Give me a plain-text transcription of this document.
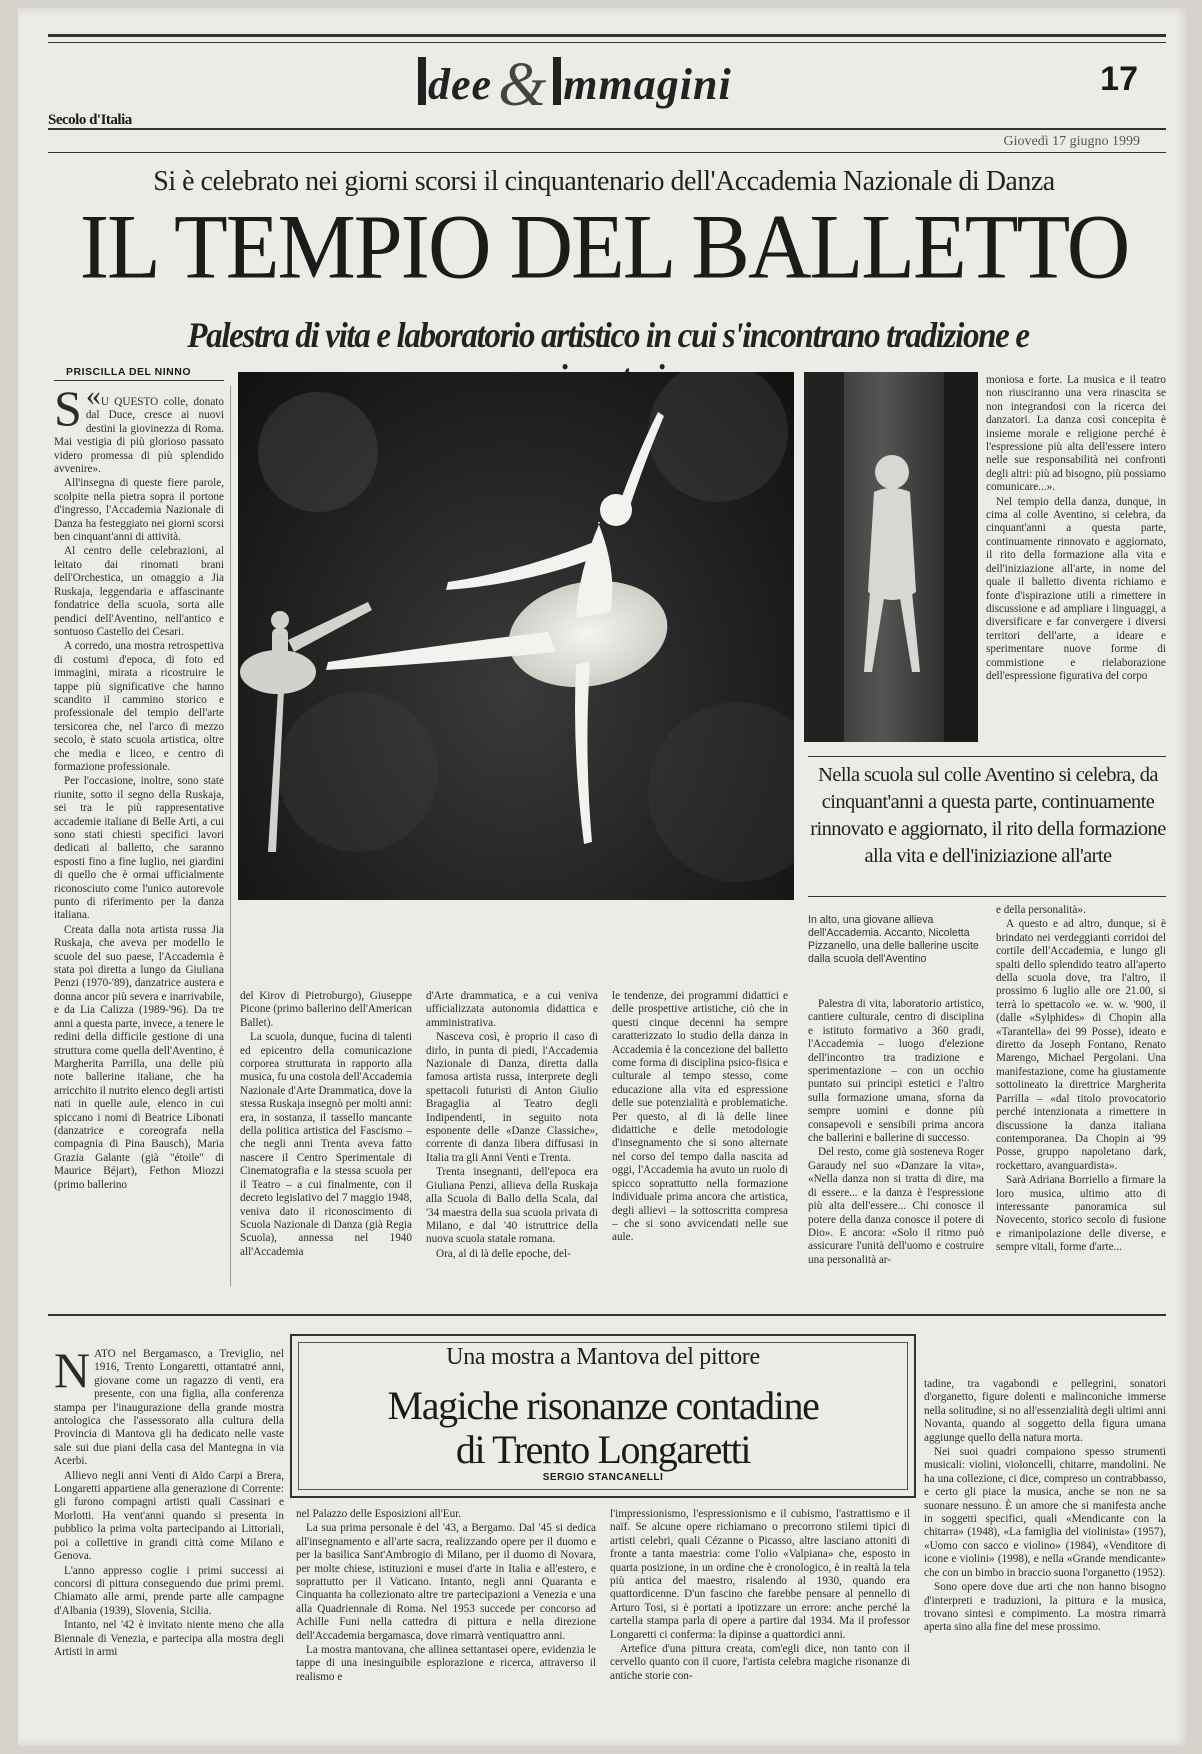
dee& mmagini	17
Secolo d'Italia
Giovedì 17 giugno 1999
Si è celebrato nei giorni scorsi il cinquantenario dell'Accademia Nazionale di Danza
IL TEMPIO DEL BALLETTO
Palestra di vita e laboratorio artistico in cui s'incontrano tradizione e
PRISCILLA DEL NINNO

«
S	U QUESTO colle, donato dal Duce, cresce ai nuovi destini la giovinezza di Roma. Mai vestigia di più glorioso passato videro promessa di più splendido avvenire».

All'insegna di queste fiere parole, scolpite nella pietra sopra il portone d'ingresso, l'Accademia Nazionale di Danza ha festeggiato nei giorni scorsi ben cinquant'anni di attività.

Al centro delle celebrazioni, al leitato dai rinomati brani dell'Orchestica, un omaggio a Jia Ruskaja, leggendaria e affascinante fondatrice della scuola, sorta alle pendici dell'Aventino, nell'antico e sontuoso Castello dei Cesari.

A corredo, una mostra retrospettiva di costumi d'epoca, di foto ed immagini, mirata a ricostruire le tappe più significative che hanno scandito il cammino storico e professionale del tempio dell'arte tersicorea che, nel l'arco di mezzo secolo, è stato scuola artistica, oltre che media e liceo, e centro di formazione professionale.

Per l'occasione, inoltre, sono state riunite, sotto il segno della Ruskaja, sei tra le più rappresentative accademie italiane di Belle Arti, a cui sono stati chiesti specifici lavori dedicati al balletto, che saranno esposti fino a fine luglio, nei giardini di quello che è ormai ufficialmente riconosciuto come l'unico autorevole punto di riferimento per la danza italiana.

Creata dalla nota artista russa Jia Ruskaja, che aveva per modello le scuole del suo paese, l'Accademia è stata poi diretta a lungo da Giuliana Penzi (1970-'89), danzatrice austera e donna ancor più severa e inarrivabile, e da Lia Calizza (1989-'96). Da tre anni a questa parte, invece, a tenere le redini della difficile gestione di una struttura come quella dell'Aventino, è Margherita Parrilla, una delle più note ballerine italiane, che ha arricchito il nutrito elenco degli artisti nati in quelle aule, elenco in cui spiccano i nomi di Beatrice Libonati (danzatrice e coreografa nella compagnia di Pina Bausch), Maria Grazia Galante (già "étoile" di Maurice Béjart), Fethon Miozzi (primo ballerino

moniosa e forte. La musica e il teatro non riusciranno una vera rinascita se non integrandosi con la ricerca dei danzatori. La danza così concepita è insieme morale e religione perché è l'espressione più alta dell'essere intero nelle sue responsabilità nei confronti degli altri: più ad bisogno, più possiamo comunicare...».

Nel tempio della danza, dunque, in cima al colle Aventino, si celebra, da cinquant'anni a questa parte, continuamente rinnovato e aggiornato, il rito della formazione alla vita e dell'iniziazione all'arte, in nome del quale il balletto diventa richiamo e fonte d'ispirazione utili a rimettere in discussione e ad ampliare i linguaggi, a diversificare e far convergere i diversi territori dell'arte, a ideare e sperimentare nuove forme di commistione e rielaborazione dell'espressione figurativa del corpo

Nella scuola sul colle Aventino si celebra, da cinquant'anni a questa parte, continuamente rinnovato e aggiornato, il rito della formazione alla vita e dell'iniziazione all'arte
In alto, una giovane allieva dell'Accademia. Accanto, Nicoletta Pizzanello, una delle ballerine uscite dalla scuola dell'Aventino

del Kirov di Pietroburgo), Giuseppe Picone (primo ballerino dell'American Ballet).

La scuola, dunque, fucina di talenti ed epicentro della comunicazione corporea strutturata in rapporto alla musica, fu una costola dell'Accademia Nazionale d'Arte Drammatica, dove la stessa Ruskaja insegnò per molti anni: era, in sostanza, il tassello mancante della politica artistica del Fascismo – che negli anni Trenta aveva fatto nascere il Centro Sperimentale di Cinematografia e la stessa scuola per il Teatro – a cui finalmente, con il decreto legislativo del 7 maggio 1948, veniva dato il riconoscimento di Scuola Nazionale di Danza (già Regia Scuola), annessa nel 1940 all'Accademia

d'Arte drammatica, e a cui veniva ufficializzata autonomia didattica e amministrativa.

Nasceva così, è proprio il caso di dirlo, in punta di piedi, l'Accademia Nazionale di Danza, diretta dalla famosa artista russa, interprete degli spettacoli futuristi di Anton Giulio Bragaglia al Teatro degli Indipendenti, in seguito nota esponente delle «Danze Classiche», corrente di danza libera diffusasi in Italia tra gli Anni Venti e Trenta.

Trenta insegnanti, dell'epoca era Giuliana Penzi, allieva della Ruskaja alla Scuola di Ballo della Scala, dal '34 maestra della sua scuola privata di Milano, e dal '40 istruttrice della nuova scuola statale romana.

Ora, al di là delle epoche, del-

le tendenze, dei programmi didattici e delle prospettive artistiche, ciò che in questi cinque decenni ha sempre caratterizzato lo studio della danza in Accademia è la concezione del balletto come forma di disciplina psico-fisica e culturale al tempo stesso, come educazione alla vita ed espressione delle sue potenzialità e problematiche. Per questo, al di là delle linee didattiche e delle metodologie d'insegnamento che si sono alternate nel corso del tempo dalla nascita ad oggi, l'Accademia ha avuto un ruolo di spicco soprattutto nella formazione individuale prima ancora che artistica, degli allievi – la sottoscritta compresa – che si sono avvicendati nelle sue aule.

Palestra di vita, laboratorio artistico, cantiere culturale, centro di disciplina e istituto formativo a 360 gradi, l'Accademia – luogo d'elezione dell'incontro tra tradizione e sperimentazione – con un occhio puntato sui principi estetici e l'altro sulla formazione umana, sforna da sempre uomini e donne più consapevoli e sensibili prima ancora che ballerini e ballerine di successo.

Del resto, come già sosteneva Roger Garaudy nel suo «Danzare la vita», «Nella danza non si tratta di dire, ma di essere... e la danza è l'espressione più alta dell'essere... Chi conosce il potere della danza conosce il potere di Dio». E ancora: «Solo il ritmo può assicurare l'unità dell'uomo e costruire una personalità ar-

e della personalità».

A questo e ad altro, dunque, si è brindato nei verdeggianti corridoi del cortile dell'Accademia, e lungo gli spalti dello splendido teatro all'aperto della scuola dove, tra l'altro, il prossimo 6 luglio alle ore 21.00, si terrà lo spettacolo «e. w. w. '900, il (dalle «Sylphides» di Chopin alla «Tarantella» dei 99 Posse), ideato e diretto da Joseph Fontano, Renato Marengo, Michael Pergolani. Una manifestazione, come ha giustamente sottolineato la direttrice Margherita Parrilla – «dal titolo provocatorio perché intenzionata a rimettere in discussione la danza italiana contemporanea. Da Chopin ai '99 Posse, gruppo napoletano dark, rockettaro, avanguardista».

Sarà Adriana Borriello a firmare la loro musica, ultimo atto di interessante panoramica sul Novecento, storico secolo di fusione e rimanipolazione delle diverse, e sempre vitali, forme d'arte...

Una mostra a Mantova del pittore
Magiche risonanze contadine
di Trento Longaretti
SERGIO STANCANELLI

NATO nel Bergamasco, a Treviglio, nel 1916, Trento Longaretti, ottantatré anni, giovane come un ragazzo di venti, era presente, con una figlia, alla conferenza stampa per l'inaugurazione della grande mostra antologica che l'assessorato alla cultura della Provincia di Mantova gli ha dedicato nelle vaste sale sui due piani della casa del Mantegna in via Acerbi.

Allievo negli anni Venti di Aldo Carpi a Brera, Longaretti appartiene alla generazione di Corrente: gli furono compagni artisti quali Cassinari e Morlotti. Ha vent'anni quando si presenta in pubblico la prima volta partecipando ai Littoriali, poi a collettive in grandi città come Milano e Genova.

L'anno appresso coglie i primi successi ai concorsi di pittura conseguendo due primi premi. Chiamato alle armi, prende parte alle campagne d'Albania (1939), Slovenia, Sicilia.

Intanto, nel '42 è invitato niente meno che alla Biennale di Venezia, e partecipa alla mostra degli Artisti in armi

nel Palazzo delle Esposizioni all'Eur.

La sua prima personale è del '43, a Bergamo. Dal '45 si dedica all'insegnamento e all'arte sacra, realizzando opere per il duomo e per la basilica Sant'Ambrogio di Milano, per il duomo di Novara, per molte chiese, istituzioni e musei d'arte in Italia e all'estero, e soprattutto per il Vaticano. Intanto, negli anni Quaranta e Cinquanta ha collezionato altre tre partecipazioni a Venezia e una alla Quadriennale di Roma. Nel 1953 succede per concorso ad Achille Funi nella cattedra di pittura e nella direzione dell'Accademia bergamasca, dove rimarrà ventiquattro anni.

La mostra mantovana, che allinea settantasei opere, evidenzia le tappe di una inesinguibile esplorazione e ricerca, attraverso il realismo e

l'impressionismo, l'espressionismo e il cubismo, l'astrattismo e il naïf. Se alcune opere richiamano o precorrono stilemi tipici di artisti celebri, quali Cézanne o Picasso, altre lasciano attoniti di fronte a tanta maestria: come l'olio «Valpiana» che, esposto in quarta posizione, in un ordine che è cronologico, è in realtà la tela più antica del maestro, risalendo al 1930, quando era quattordicenne. D'un fascino che farebbe pensare al pennello di Arturo Tosi, si è portati a ipotizzare un errore: anche perché la cartella stampa parla di opere a partire dal 1934. Ma il professor Longaretti ci conferma: la dipinse a quattordici anni.

Artefice d'una pittura creata, com'egli dice, non tanto con il cervello quanto con il cuore, l'artista celebra magiche risonanze di antiche storie con-

tadine, tra vagabondi e pellegrini, sonatori d'organetto, figure dolenti e malinconiche immerse nella solitudine, si no all'essenzialità degli ultimi anni Novanta, quando al soggetto della figura umana aggiunge quello della natura morta.

Nei suoi quadri compaiono spesso strumenti musicali: violini, violoncelli, chitarre, mandolini. Ne ha una collezione, ci dice, compreso un contrabbasso, e certo gli piace la musica, anche se non ne sa suonare nessuno. È un amore che si manifesta anche in soggetti specifici, quali «Mendicante con la chitarra» (1948), «La famiglia del violinista» (1957), «Uomo con sacco e violino» (1984), «Venditore di icone e violini» (1998), e nella «Grande mendicante» che con un bimbo in braccio suona l'organetto (1952).

Sono opere dove due arti che non hanno bisogno d'interpreti e traduzioni, la pittura e la musica, trovano sintesi e compimento. La mostra rimarrà aperta sino alla fine del mese prossimo.
